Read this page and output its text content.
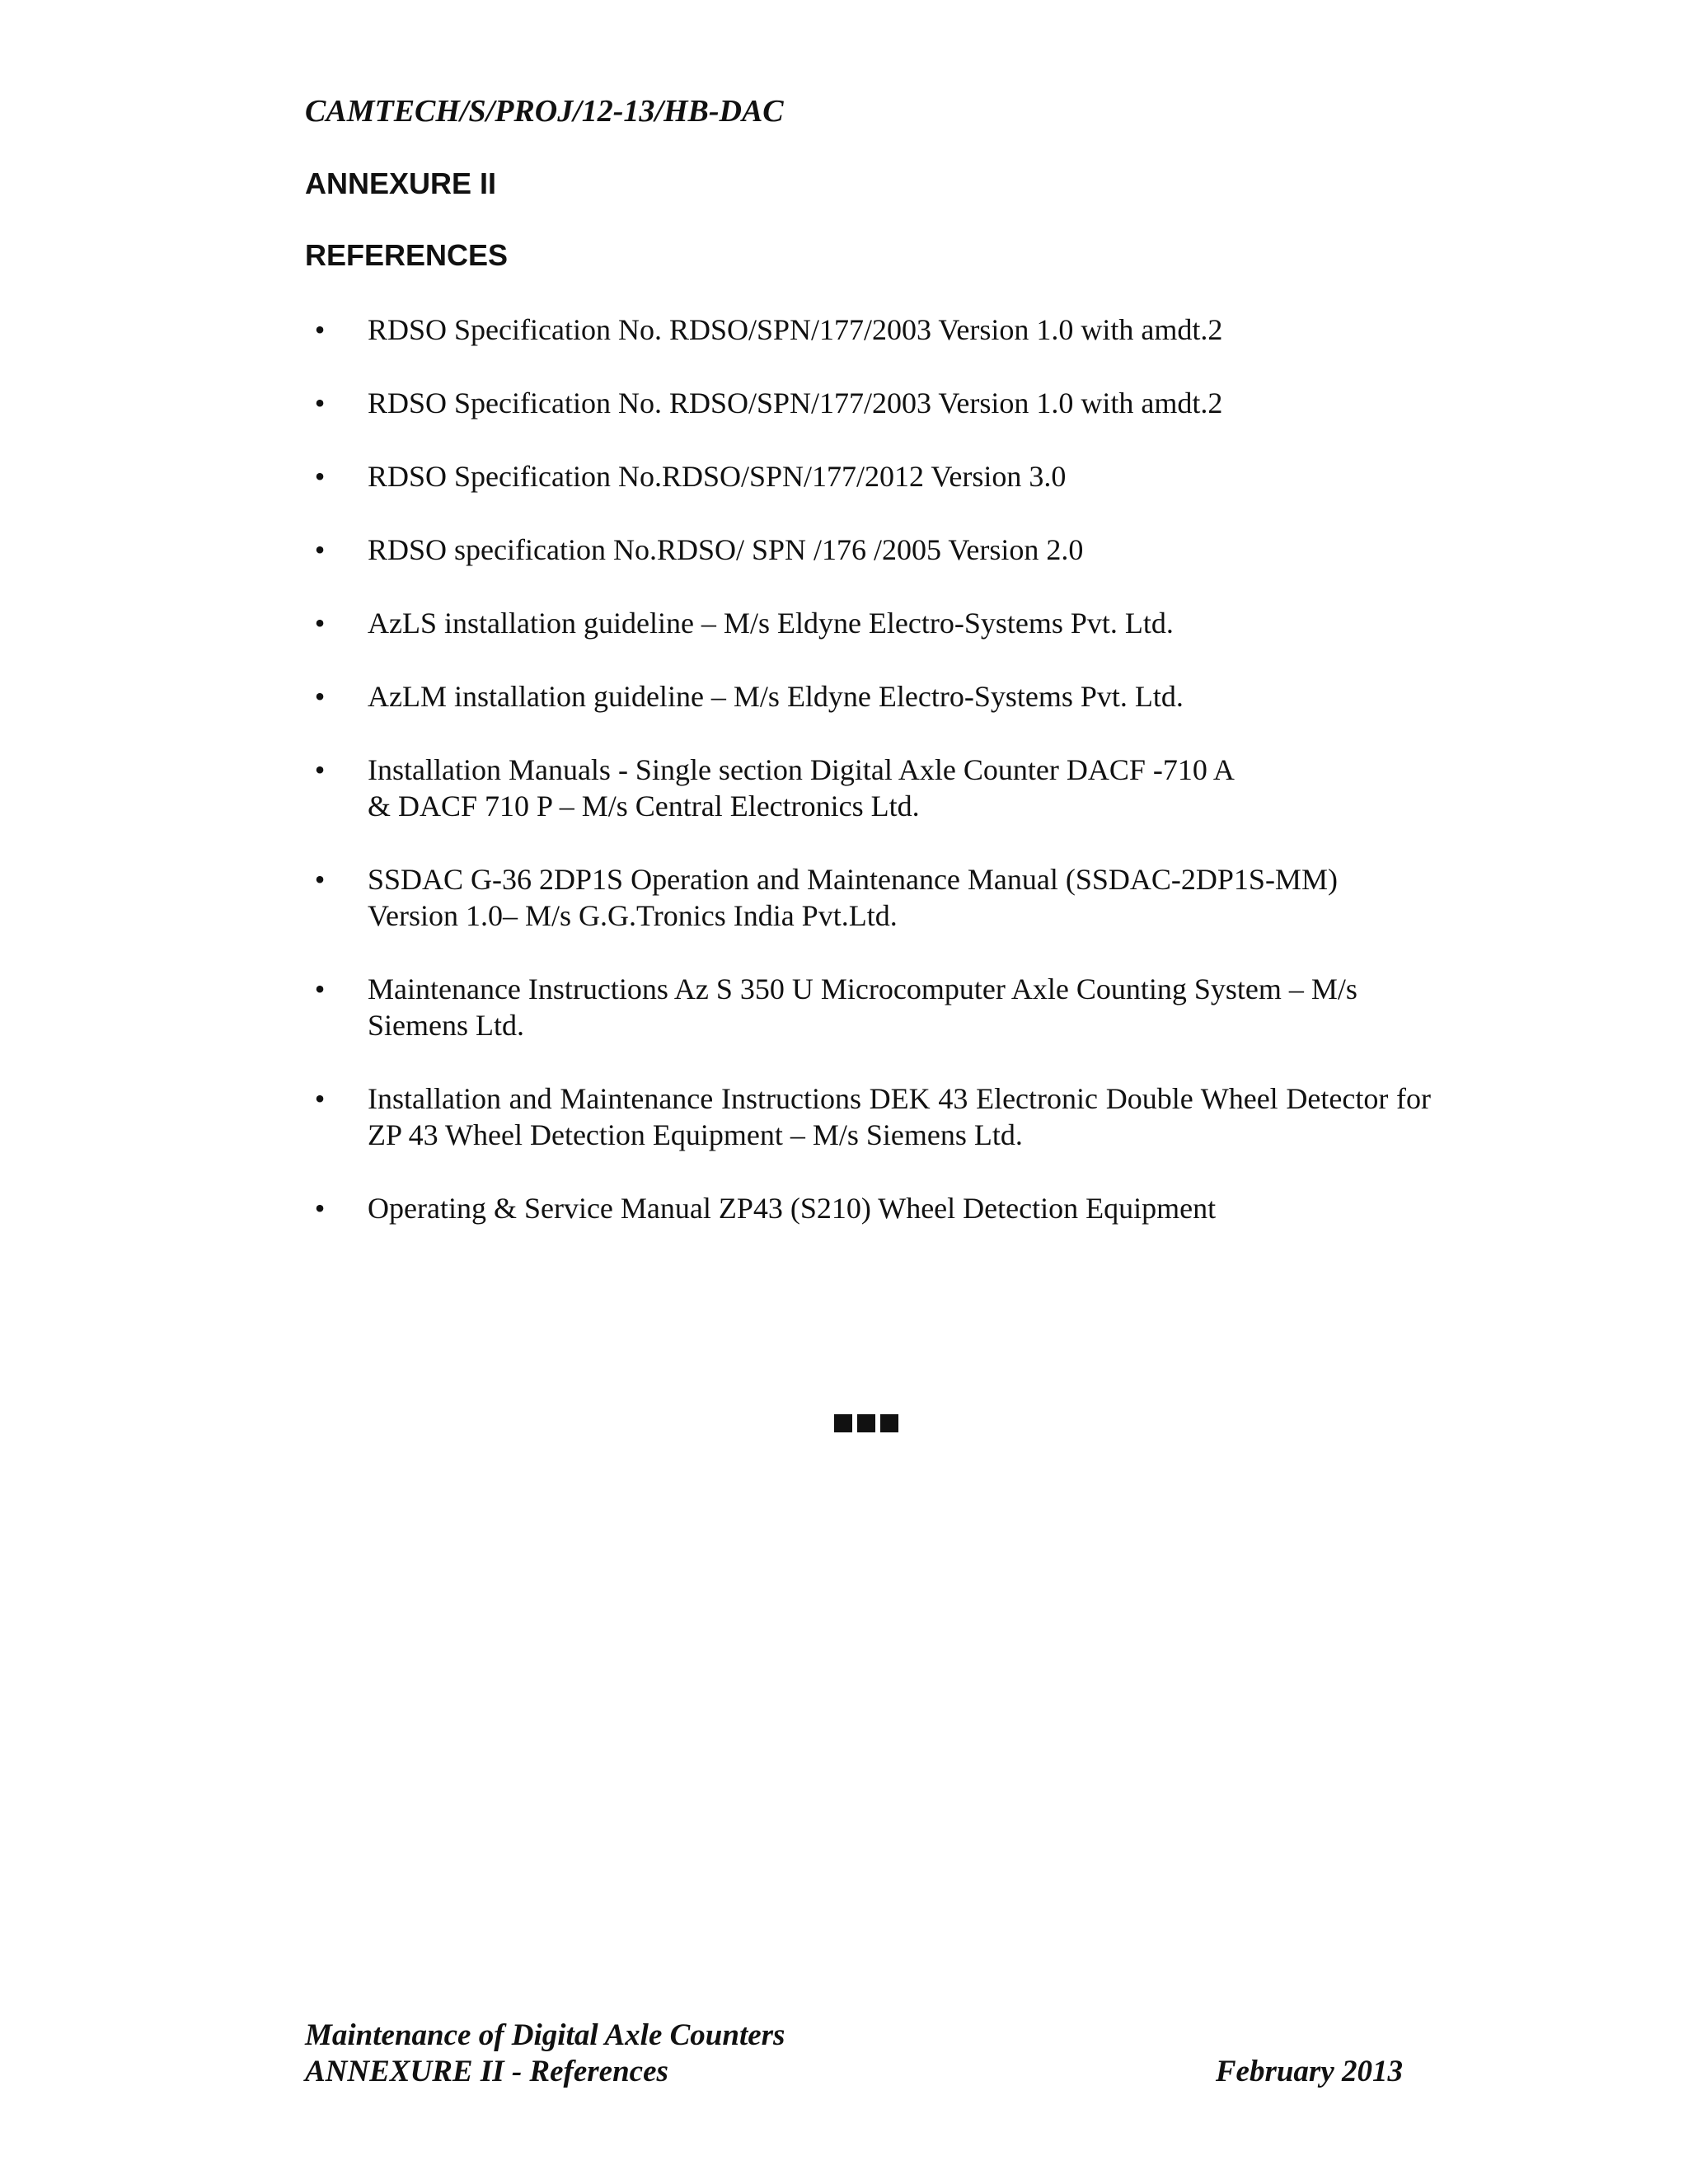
CAMTECH/S/PROJ/12-13/HB-DAC

ANNEXURE II
REFERENCES
• RDSO Specification No. RDSO/SPN/177/2003 Version 1.0 with amdt.2
• RDSO Specification No. RDSO/SPN/177/2003 Version 1.0 with amdt.2
• RDSO Specification No.RDSO/SPN/177/2012 Version 3.0
• RDSO specification No.RDSO/ SPN /176 /2005 Version 2.0
• AzLS installation guideline – M/s Eldyne Electro-Systems Pvt. Ltd.
• AzLM installation guideline – M/s Eldyne Electro-Systems Pvt. Ltd.
• Installation Manuals - Single section Digital Axle Counter DACF -710 A & DACF 710 P – M/s Central Electronics Ltd.
• SSDAC G-36 2DP1S Operation and Maintenance Manual (SSDAC-2DP1S-MM) Version 1.0– M/s G.G.Tronics India Pvt.Ltd.
• Maintenance Instructions Az S 350 U Microcomputer Axle Counting System – M/s Siemens Ltd.
• Installation and Maintenance Instructions DEK 43 Electronic Double Wheel Detector for ZP 43 Wheel Detection Equipment – M/s Siemens Ltd.
• Operating & Service Manual ZP43 (S210) Wheel Detection Equipment
Maintenance of Digital Axle Counters
ANNEXURE II - References	February 2013
